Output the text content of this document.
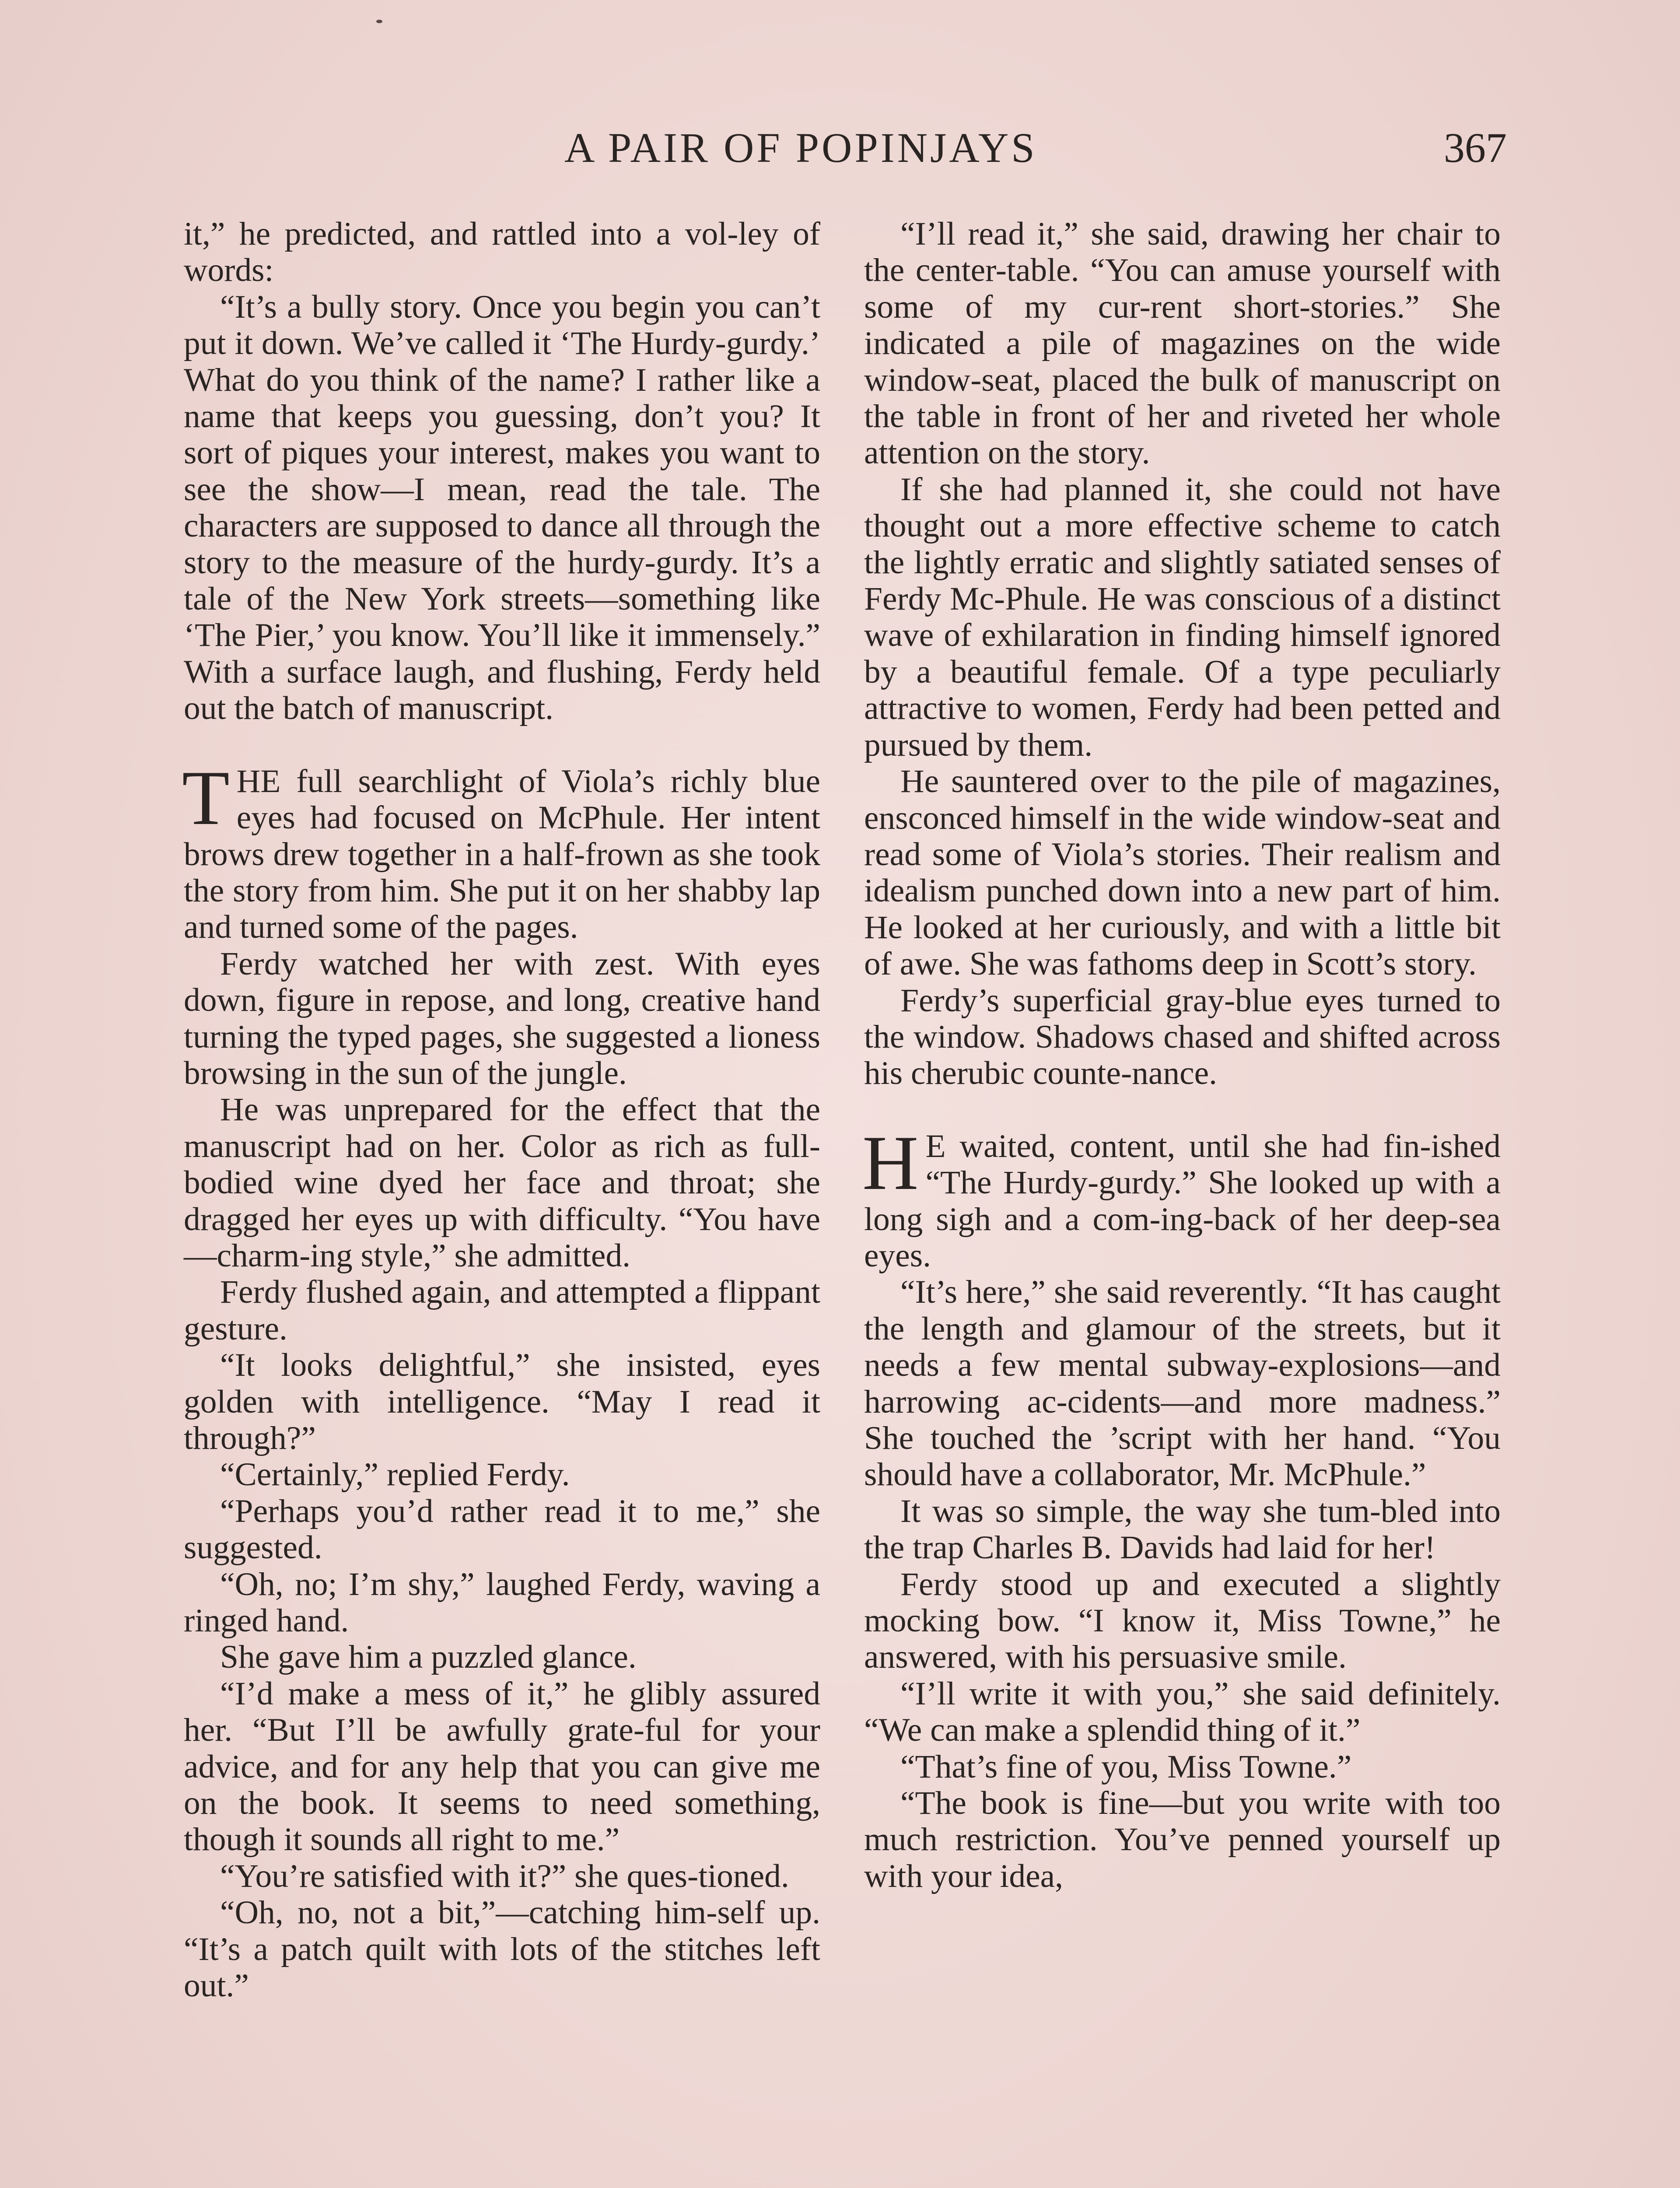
A PAIR OF POPINJAYS	367

it,” he predicted, and rattled into a vol-ley of words:

“It’s a bully story. Once you begin you can’t put it down. We’ve called it ‘The Hurdy-gurdy.’ What do you think of the name? I rather like a name that keeps you guessing, don’t you? It sort of piques your interest, makes you want to see the show—I mean, read the tale. The characters are supposed to dance all through the story to the measure of the hurdy-gurdy. It’s a tale of the New York streets—something like ‘The Pier,’ you know. You’ll like it immensely.” With a surface laugh, and flushing, Ferdy held out the batch of manuscript.

THE full searchlight of Viola’s richly blue eyes had focused on McPhule. Her intent brows drew together in a half-frown as she took the story from him. She put it on her shabby lap and turned some of the pages.

Ferdy watched her with zest. With eyes down, figure in repose, and long, creative hand turning the typed pages, she suggested a lioness browsing in the sun of the jungle.

He was unprepared for the effect that the manuscript had on her. Color as rich as full-bodied wine dyed her face and throat; she dragged her eyes up with difficulty. “You have—charm-ing style,” she admitted.

Ferdy flushed again, and attempted a flippant gesture.

“It looks delightful,” she insisted, eyes golden with intelligence. “May I read it through?”

“Certainly,” replied Ferdy.

“Perhaps you’d rather read it to me,” she suggested.

“Oh, no; I’m shy,” laughed Ferdy, waving a ringed hand.

She gave him a puzzled glance.

“I’d make a mess of it,” he glibly assured her. “But I’ll be awfully grate-ful for your advice, and for any help that you can give me on the book. It seems to need something, though it sounds all right to me.”

“You’re satisfied with it?” she ques-tioned.

“Oh, no, not a bit,”—catching him-self up. “It’s a patch quilt with lots of the stitches left out.”

“I’ll read it,” she said, drawing her chair to the center-table. “You can amuse yourself with some of my cur-rent short-stories.” She indicated a pile of magazines on the wide window-seat, placed the bulk of manuscript on the table in front of her and riveted her whole attention on the story.

If she had planned it, she could not have thought out a more effective scheme to catch the lightly erratic and slightly satiated senses of Ferdy Mc-Phule. He was conscious of a distinct wave of exhilaration in finding himself ignored by a beautiful female. Of a type peculiarly attractive to women, Ferdy had been petted and pursued by them.

He sauntered over to the pile of magazines, ensconced himself in the wide window-seat and read some of Viola’s stories. Their realism and idealism punched down into a new part of him. He looked at her curiously, and with a little bit of awe. She was fathoms deep in Scott’s story.

Ferdy’s superficial gray-blue eyes turned to the window. Shadows chased and shifted across his cherubic counte-nance.

H E waited, content, until she had fin-ished “The Hurdy-gurdy.” She looked up with a long sigh and a com-ing-back of her deep-sea eyes.

“It’s here,” she said reverently. “It has caught the length and glamour of the streets, but it needs a few mental subway-explosions—and harrowing ac-cidents—and more madness.” She touched the ’script with her hand. “You should have a collaborator, Mr. McPhule.”

It was so simple, the way she tum-bled into the trap Charles B. Davids had laid for her!

Ferdy stood up and executed a slightly mocking bow. “I know it, Miss Towne,” he answered, with his persuasive smile.

“I’ll write it with you,” she said definitely. “We can make a splendid thing of it.”

“That’s fine of you, Miss Towne.”

“The book is fine—but you write with too much restriction. You’ve penned yourself up with your idea,
